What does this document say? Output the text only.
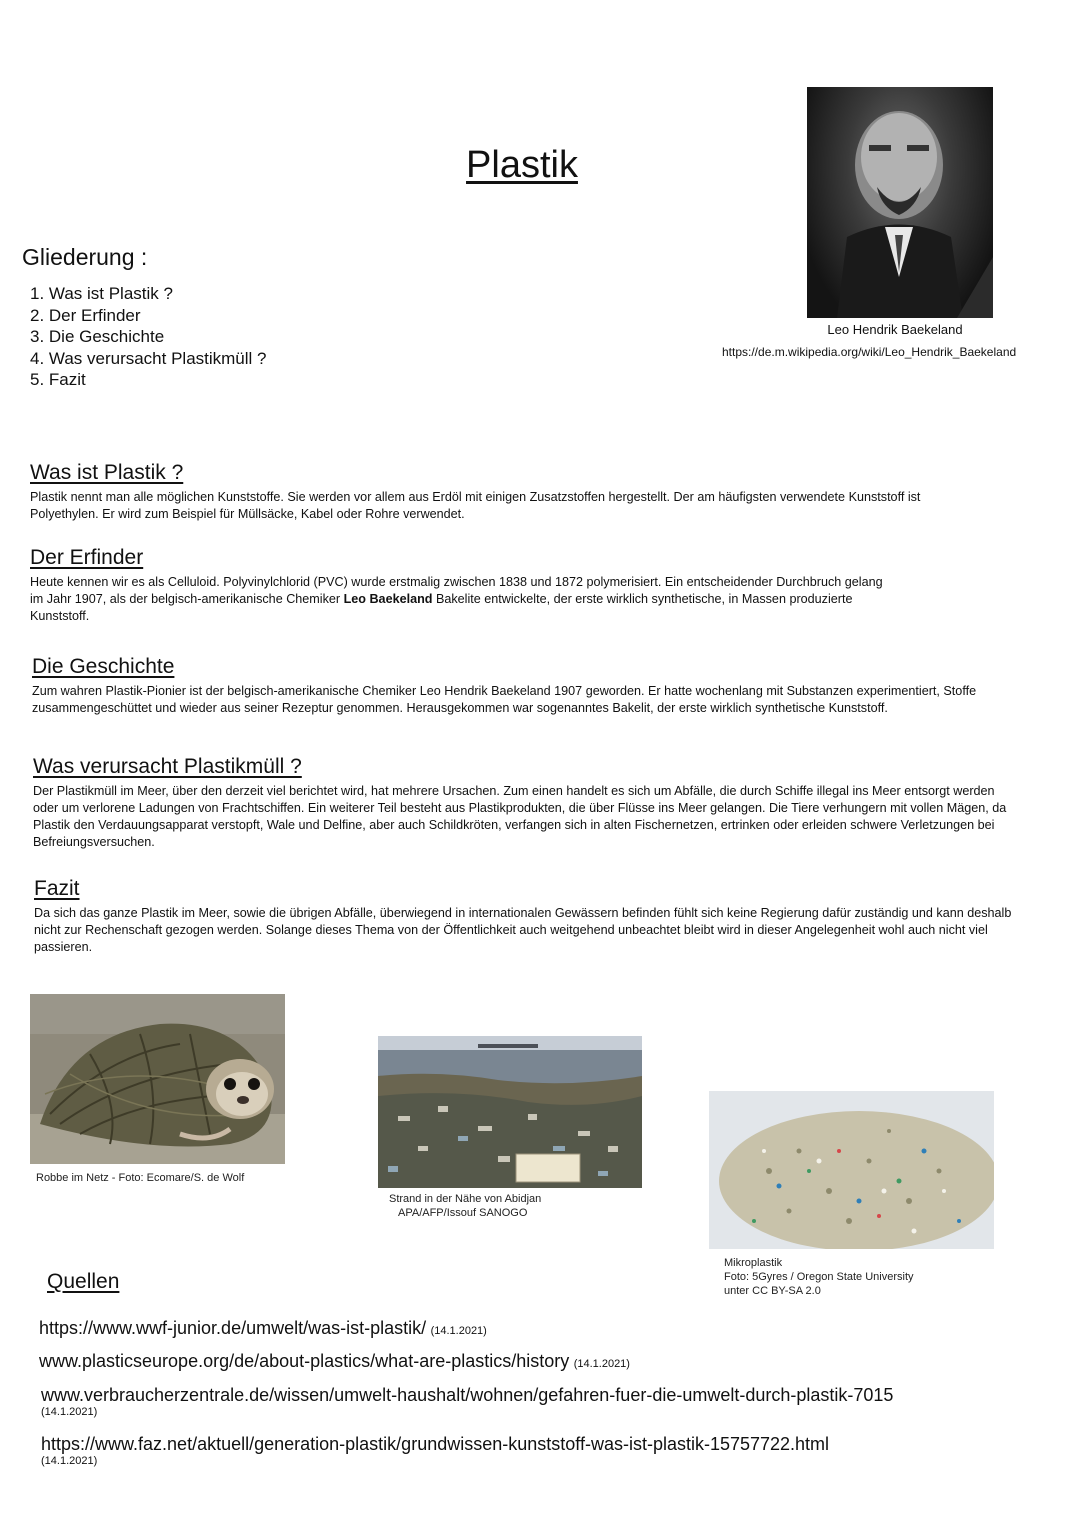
Plastik
Gliederung :
1. Was ist Plastik ?
2. Der Erfinder
3. Die Geschichte
4. Was verursacht Plastikmüll ?
5. Fazit
Leo Hendrik Baekeland
https://de.m.wikipedia.org/wiki/Leo_Hendrik_Baekeland
Was ist Plastik ?

Plastik nennt man alle möglichen Kunststoffe. Sie werden vor allem aus Erdöl mit einigen Zusatzstoffen hergestellt. Der am häufigsten verwendete Kunststoff ist Polyethylen. Er wird zum Beispiel für Müllsäcke, Kabel oder Rohre verwendet.

Der Erfinder

Heute kennen wir es als Celluloid. Polyvinylchlorid (PVC) wurde erstmalig zwischen 1838 und 1872 polymerisiert. Ein entscheidender Durchbruch gelang im Jahr 1907, als der belgisch-amerikanische Chemiker Leo Baekeland Bakelite entwickelte, der erste wirklich synthetische, in Massen produzierte Kunststoff.

Die Geschichte

Zum wahren Plastik-Pionier ist der belgisch-amerikanische Chemiker Leo Hendrik Baekeland 1907 geworden. Er hatte wochenlang mit Substanzen experimentiert, Stoffe zusammengeschüttet und wieder aus seiner Rezeptur genommen. Herausgekommen war sogenanntes Bakelit, der erste wirklich synthetische Kunststoff.

Was verursacht Plastikmüll ?

Der Plastikmüll im Meer, über den derzeit viel berichtet wird, hat mehrere Ursachen. Zum einen handelt es sich um Abfälle, die durch Schiffe illegal ins Meer entsorgt werden oder um verlorene Ladungen von Frachtschiffen. Ein weiterer Teil besteht aus Plastikprodukten, die über Flüsse ins Meer gelangen. Die Tiere verhungern mit vollen Mägen, da Plastik den Verdauungsapparat verstopft, Wale und Delfine, aber auch Schildkröten, verfangen sich in alten Fischernetzen, ertrinken oder erleiden schwere Verletzungen bei Befreiungsversuchen.

Fazit

Da sich das ganze Plastik im Meer, sowie die übrigen Abfälle, überwiegend in internationalen Gewässern befinden fühlt sich keine Regierung dafür zuständig und kann deshalb nicht zur Rechenschaft gezogen werden. Solange dieses Thema von der Öffentlichkeit auch weitgehend unbeachtet bleibt wird in dieser Angelegenheit wohl auch nicht viel passieren.

Robbe im Netz - Foto: Ecomare/S. de Wolf
Strand in der Nähe von Abidjan
APA/AFP/Issouf SANOGO
Mikroplastik
Foto: 5Gyres / Oregon State University
unter CC BY-SA 2.0
Quellen
https://www.wwf-junior.de/umwelt/was-ist-plastik/ (14.1.2021)
www.plasticseurope.org/de/about-plastics/what-are-plastics/history (14.1.2021)
www.verbraucherzentrale.de/wissen/umwelt-haushalt/wohnen/gefahren-fuer-die-umwelt-durch-plastik-7015
(14.1.2021)
https://www.faz.net/aktuell/generation-plastik/grundwissen-kunststoff-was-ist-plastik-15757722.html
(14.1.2021)
